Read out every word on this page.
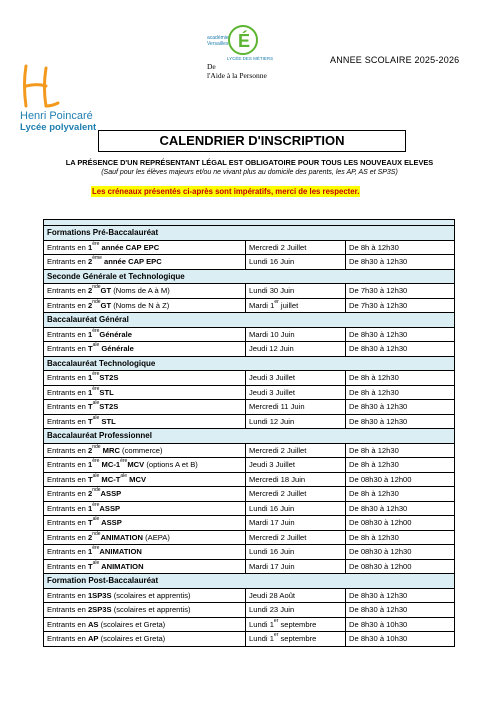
Henri Poincaré
Lycée polyvalent
É
académie
Versailles
LYCÉE DES MÉTIERS
De
l'Aide à la Personne
ANNEE SCOLAIRE 2025-2026
CALENDRIER D'INSCRIPTION
LA PRÉSENCE D'UN REPRÉSENTANT LÉGAL EST OBLIGATOIRE POUR TOUS LES NOUVEAUX ELEVES
(Sauf pour les élèves majeurs et/ou ne vivant plus au domicile des parents, les AP, AS et SP3S)
Les créneaux présentés ci-après sont impératifs, merci de les respecter.

Formations Pré-Baccalauréat		
Entrants en 1ère année CAP EPC	Mercredi 2 Juillet	De 8h à 12h30
Entrants en 2ème année CAP EPC	Lundi 16 Juin	De 8h30 à 12h30
Seconde Générale et Technologique		
Entrants en 2ndeGT (Noms de A à M)	Lundi 30 Juin	De 7h30 à 12h30
Entrants en 2ndeGT (Noms de N à Z)	Mardi 1er juillet	De 7h30 à 12h30
Baccalauréat Général		
Entrants en 1èreGénérale	Mardi 10 Juin	De 8h30 à 12h30
Entrants en $T^{ale}$ Générale	Jeudi 12 Juin	De 8h30 à 12h30
Baccalauréat Technologique		
Entrants en 1èreST2S	Jeudi 3 Juillet	De 8h à 12h30
Entrants en 1èreSTL	Jeudi 3 Juillet	De 8h à 12h30
Entrants en $T^{ale}ST2S$	Mercredi 11 Juin	De 8h30 à 12h30
Entrants en $T^{ale}$ STL	Lundi 12 Juin	De 8h30 à 12h30
Baccalauréat Professionnel		
Entrants en 2nde MRC (commerce)	Mercredi 2 Juillet	De 8h à 12h30
Entrants en 1ère MC-1èreMCV (options A et B)	Jeudi 3 Juillet	De 8h à 12h30
Entrants en $T^{ale}$ $MC-T^{ale}$ MCV	Mercredi 18 Juin	De 08h30 à 12h00
Entrants en 2ndeASSP	Mercredi 2 Juillet	De 8h à 12h30
Entrants en 1èreASSP	Lundi 16 Juin	De 8h30 à 12h30
Entrants en $T^{ale}$ ASSP	Mardi 17 Juin	De 08h30 à 12h00
Entrants en 2ndeANIMATION (AEPA)	Mercredi 2 Juillet	De 8h à 12h30
Entrants en 1èreANIMATION	Lundi 16 Juin	De 08h30 à 12h30
Entrants en $T^{ale}$ ANIMATION	Mardi 17 Juin	De 08h30 à 12h00
Formation Post-Baccalauréat		
Entrants en 1SP3S (scolaires et apprentis)	Jeudi 28 Août	De 8h30 à 12h30
Entrants en 2SP3S (scolaires et apprentis)	Lundi 23 Juin	De 8h30 à 12h30
Entrants en AS (scolaires et Greta)	Lundi 1er septembre	De 8h30 à 10h30
Entrants en AP (scolaires et Greta)	Lundi 1er septembre	De 8h30 à 10h30
